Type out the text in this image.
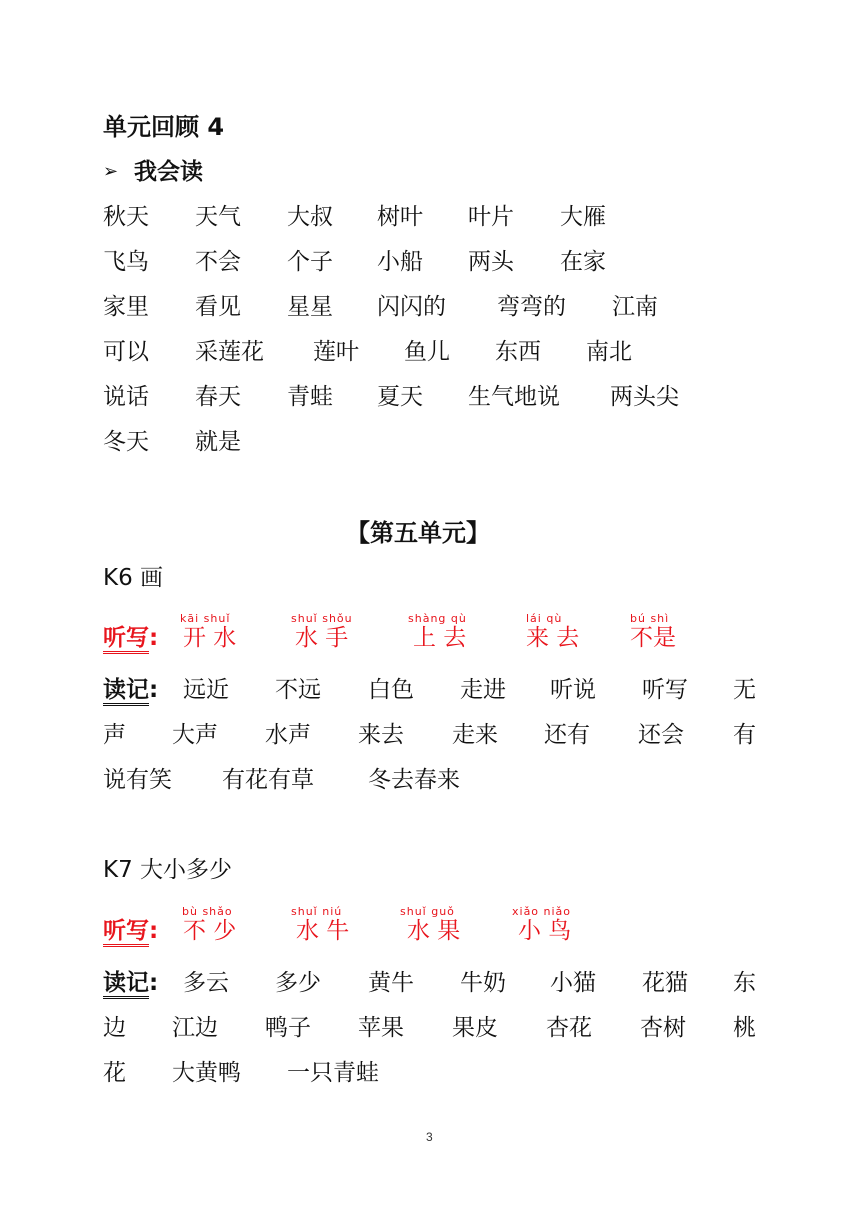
单元回顾 4
➢ 我会读
秋天 天气 大叔 树叶 叶片 大雁
飞鸟 不会 个子 小船 两头 在家
家里 看见 星星 闪闪的 弯弯的 江南
可以 采莲花 莲叶 鱼儿 东西 南北
说话 春天 青蛙 夏天 生气地说 两头尖
冬天 就是
【第五单元】
K6 画
听写:
kāi shuǐ
开 水
shuǐ shǒu
水 手
shàng qù
上 去
lái qù
来 去
bú shì
不是
读记: 远近 不远 白色 走进 听说 听写 无
声 大声 水声 来去 走来 还有 还会 有
说有笑 有花有草 冬去春来
K7 大小多少
听写:
bù shǎo
不 少
shuǐ niú
水 牛
shuǐ guǒ
水 果
xiǎo niǎo
小 鸟
读记: 多云 多少 黄牛 牛奶 小猫 花猫 东
边 江边 鸭子 苹果 果皮 杏花 杏树 桃
花 大黄鸭 一只青蛙
3
